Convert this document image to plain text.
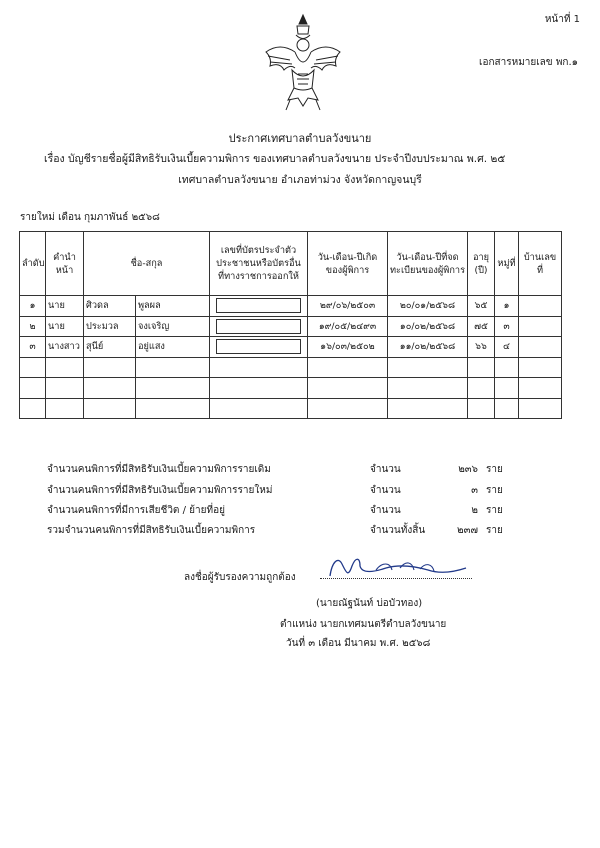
หน้าที่ 1
เอกสารหมายเลข พก.๑
ประกาศเทศบาลตำบลวังขนาย
เรื่อง บัญชีรายชื่อผู้มีสิทธิรับเงินเบี้ยความพิการ ของเทศบาลตำบลวังขนาย ประจำปีงบประมาณ พ.ศ. ๒๕
เทศบาลตำบลวังขนาย อำเภอท่าม่วง จังหวัดกาญจนบุรี
รายใหม่ เดือน กุมภาพันธ์ ๒๕๖๘
ลำดับ	คำนำหน้า	ชื่อ-สกุล		เลขที่บัตรประจำตัวประชาชนหรือบัตรอื่นที่ทางราชการออกให้	วัน-เดือน-ปีเกิด ของผู้พิการ	วัน-เดือน-ปีที่จดทะเบียนของผู้พิการ	อายุ (ปี)	หมู่ที่	บ้านเลขที่
๑	นาย	ศิวดล	พูลผล		๒๙/๐๖/๒๕๐๓	๒๐/๐๑/๒๕๖๘	๖๕	๑	
๒	นาย	ประมวล	จงเจริญ		๑๙/๐๕/๒๔๙๓	๑๐/๐๒/๒๕๖๘	๗๕	๓	
๓	นางสาว	สุนีย์	อยู่แสง		๑๖/๐๓/๒๕๐๒	๑๑/๐๒/๒๕๖๘	๖๖	๔	

จำนวนคนพิการที่มีสิทธิรับเงินเบี้ยความพิการรายเดิม	จำนวน	๒๓๖ ราย
จำนวนคนพิการที่มีสิทธิรับเงินเบี้ยความพิการรายใหม่	จำนวน	๓ ราย
จำนวนคนพิการที่มีการเสียชีวิต / ย้ายที่อยู่	จำนวน	๒ ราย
รวมจำนวนคนพิการที่มีสิทธิรับเงินเบี้ยความพิการ	จำนวนทั้งสิ้น	๒๓๗ ราย
ลงชื่อผู้รับรองความถูกต้อง
(นายณัฐนันท์ บ่อบัวทอง)
ตำแหน่ง นายกเทศมนตรีตำบลวังขนาย
วันที่ ๓ เดือน มีนาคม พ.ศ. ๒๕๖๘
